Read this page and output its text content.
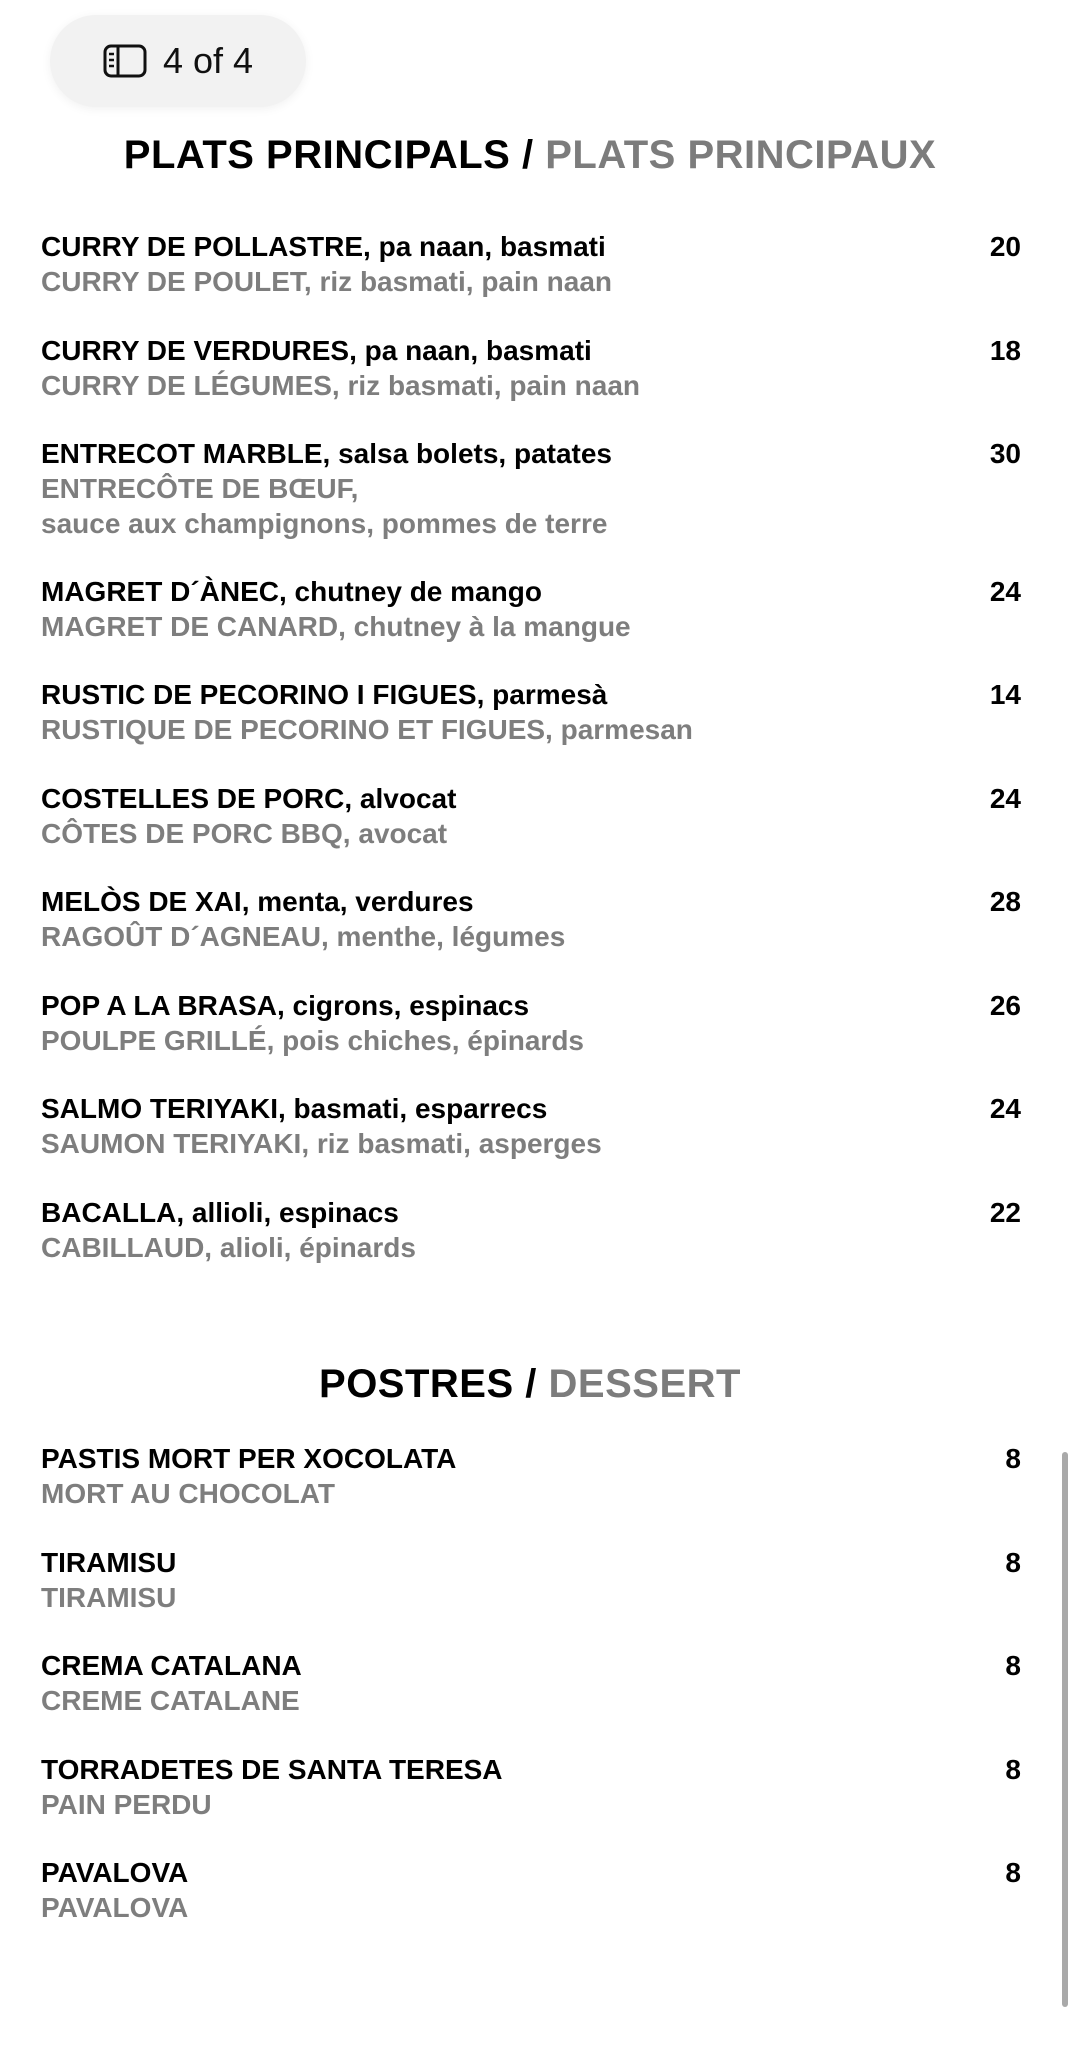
4 of 4
PLATS PRINCIPALS / PLATS PRINCIPAUX
CURRY DE POLLASTRE, pa naan, basmati
CURRY DE POULET, riz basmati, pain naan
20
CURRY DE VERDURES, pa naan, basmati
CURRY DE LÉGUMES, riz basmati, pain naan
18
ENTRECOT MARBLE, salsa bolets, patates
ENTRECÔTE DE BŒUF,
sauce aux champignons, pommes de terre
30
MAGRET D´ÀNEC, chutney de mango
MAGRET DE CANARD, chutney à la mangue
24
RUSTIC DE PECORINO I FIGUES, parmesà
RUSTIQUE DE PECORINO ET FIGUES, parmesan
14
COSTELLES DE PORC, alvocat
CÔTES DE PORC BBQ, avocat
24
MELÒS DE XAI, menta, verdures
RAGOÛT D´AGNEAU, menthe, légumes
28
POP A LA BRASA, cigrons, espinacs
POULPE GRILLÉ, pois chiches, épinards
26
SALMO TERIYAKI, basmati, esparrecs
SAUMON TERIYAKI, riz basmati, asperges
24
BACALLA, allioli, espinacs
CABILLAUD, alioli, épinards
22
POSTRES / DESSERT
PASTIS MORT PER XOCOLATA
MORT AU CHOCOLAT
8
TIRAMISU
TIRAMISU
8
CREMA CATALANA
CREME CATALANE
8
TORRADETES DE SANTA TERESA
PAIN PERDU
8
PAVALOVA
PAVALOVA
8
